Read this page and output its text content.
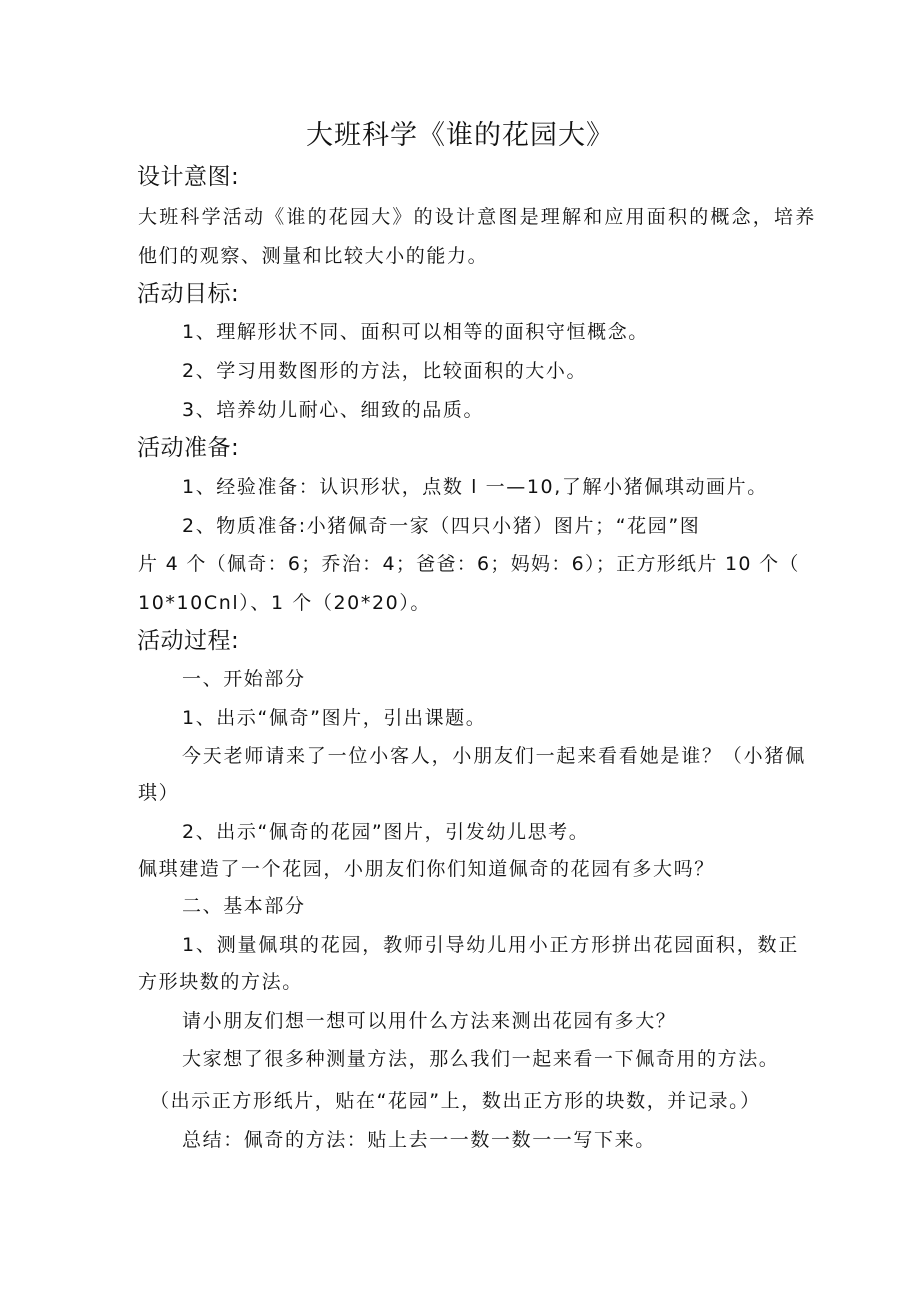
大班科学《谁的花园大》
设计意图:
大班科学活动《谁的花园大》的设计意图是理解和应用面积的概念，培养
他们的观察、测量和比较大小的能力。
活动目标:
1、理解形状不同、面积可以相等的面积守恒概念。
2、学习用数图形的方法，比较面积的大小。
3、培养幼儿耐心、细致的品质。
活动准备:
1、经验准备：认识形状，点数 l 一—10,了解小猪佩琪动画片。
2、物质准备:小猪佩奇一家（四只小猪）图片；“花园”图
片 4 个（佩奇：6；乔治：4；爸爸：6；妈妈：6）；正方形纸片 10 个（
10*10Cnl）、1 个（20*20）。
活动过程:
一、开始部分
1、出示“佩奇”图片，引出课题。
今天老师请来了一位小客人，小朋友们一起来看看她是谁？（小猪佩
琪）
2、出示“佩奇的花园”图片，引发幼儿思考。
佩琪建造了一个花园，小朋友们你们知道佩奇的花园有多大吗？
二、基本部分
1、测量佩琪的花园，教师引导幼儿用小正方形拼出花园面积，数正
方形块数的方法。
请小朋友们想一想可以用什么方法来测出花园有多大？
大家想了很多种测量方法，那么我们一起来看一下佩奇用的方法。
（出示正方形纸片，贴在“花园”上，数出正方形的块数，并记录。）
总结：佩奇的方法：贴上去一一数一数一一写下来。
